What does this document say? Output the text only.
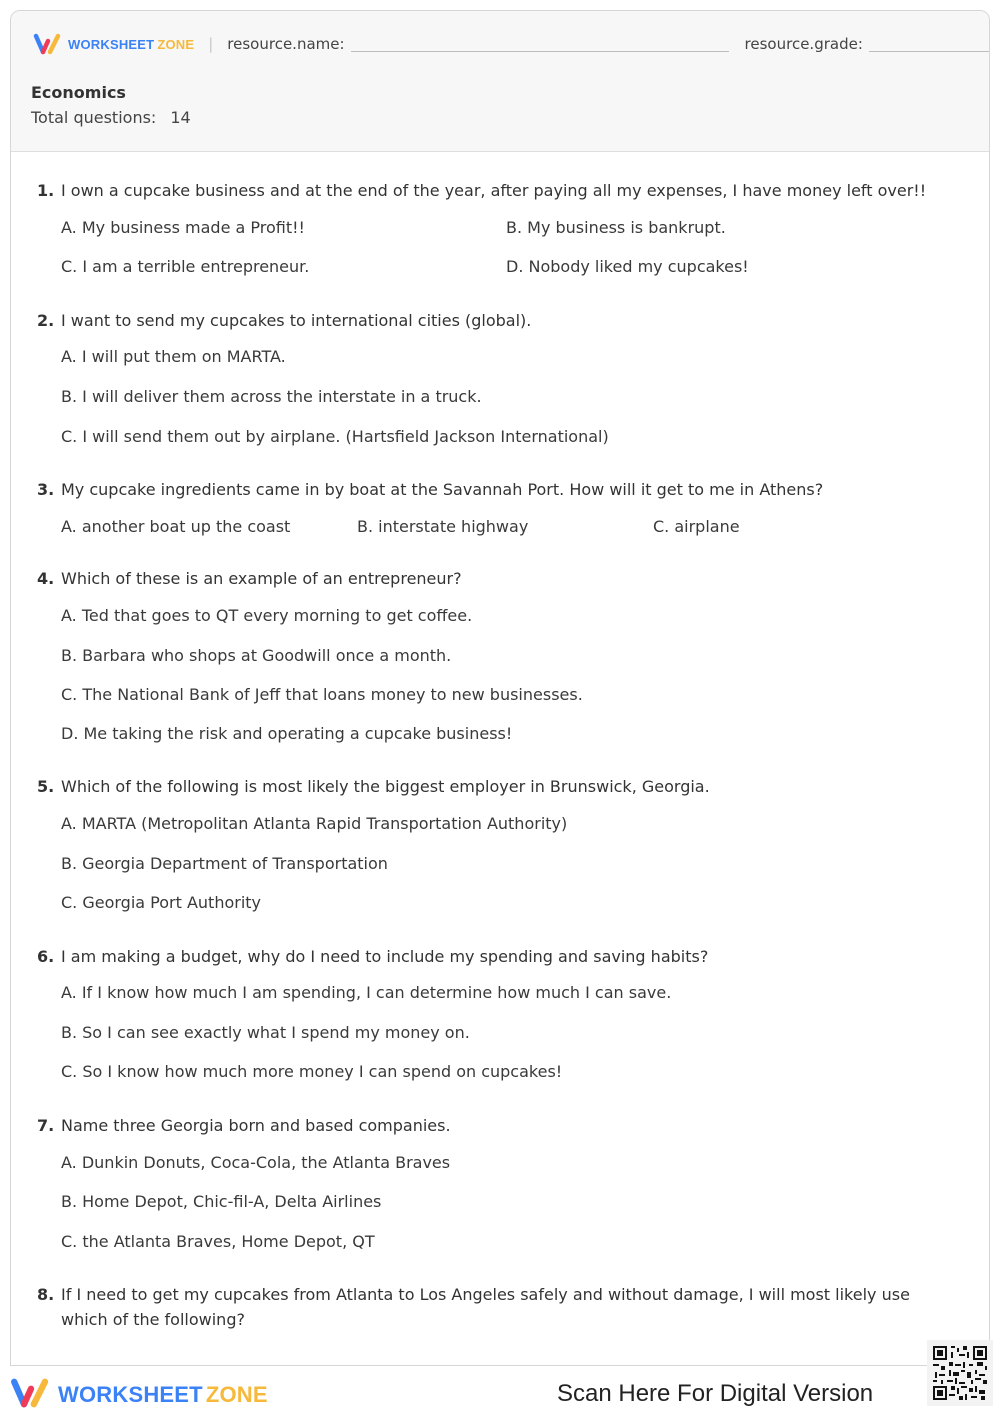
WORKSHEET ZONE | resource.name:	resource.grade:
Economics
Total questions: 14
1. I own a cupcake business and at the end of the year, after paying all my expenses, I have money left over!!
A. My business made a Profit!!	B. My business is bankrupt.
C. I am a terrible entrepreneur.	D. Nobody liked my cupcakes!
2. I want to send my cupcakes to international cities (global).
A. I will put them on MARTA.
B. I will deliver them across the interstate in a truck.
C. I will send them out by airplane. (Hartsfield Jackson International)
3. My cupcake ingredients came in by boat at the Savannah Port. How will it get to me in Athens?
A. another boat up the coast	B. interstate highway	C. airplane
4. Which of these is an example of an entrepreneur?
A. Ted that goes to QT every morning to get coffee.
B. Barbara who shops at Goodwill once a month.
C. The National Bank of Jeff that loans money to new businesses.
D. Me taking the risk and operating a cupcake business!
5. Which of the following is most likely the biggest employer in Brunswick, Georgia.
A. MARTA (Metropolitan Atlanta Rapid Transportation Authority)
B. Georgia Department of Transportation
C. Georgia Port Authority
6. I am making a budget, why do I need to include my spending and saving habits?
A. If I know how much I am spending, I can determine how much I can save.
B. So I can see exactly what I spend my money on.
C. So I know how much more money I can spend on cupcakes!
7. Name three Georgia born and based companies.
A. Dunkin Donuts, Coca-Cola, the Atlanta Braves
B. Home Depot, Chic-fil-A, Delta Airlines
C. the Atlanta Braves, Home Depot, QT
8. If I need to get my cupcakes from Atlanta to Los Angeles safely and without damage, I will most likely use which of the following?
WORKSHEET ZONE	Scan Here For Digital Version
